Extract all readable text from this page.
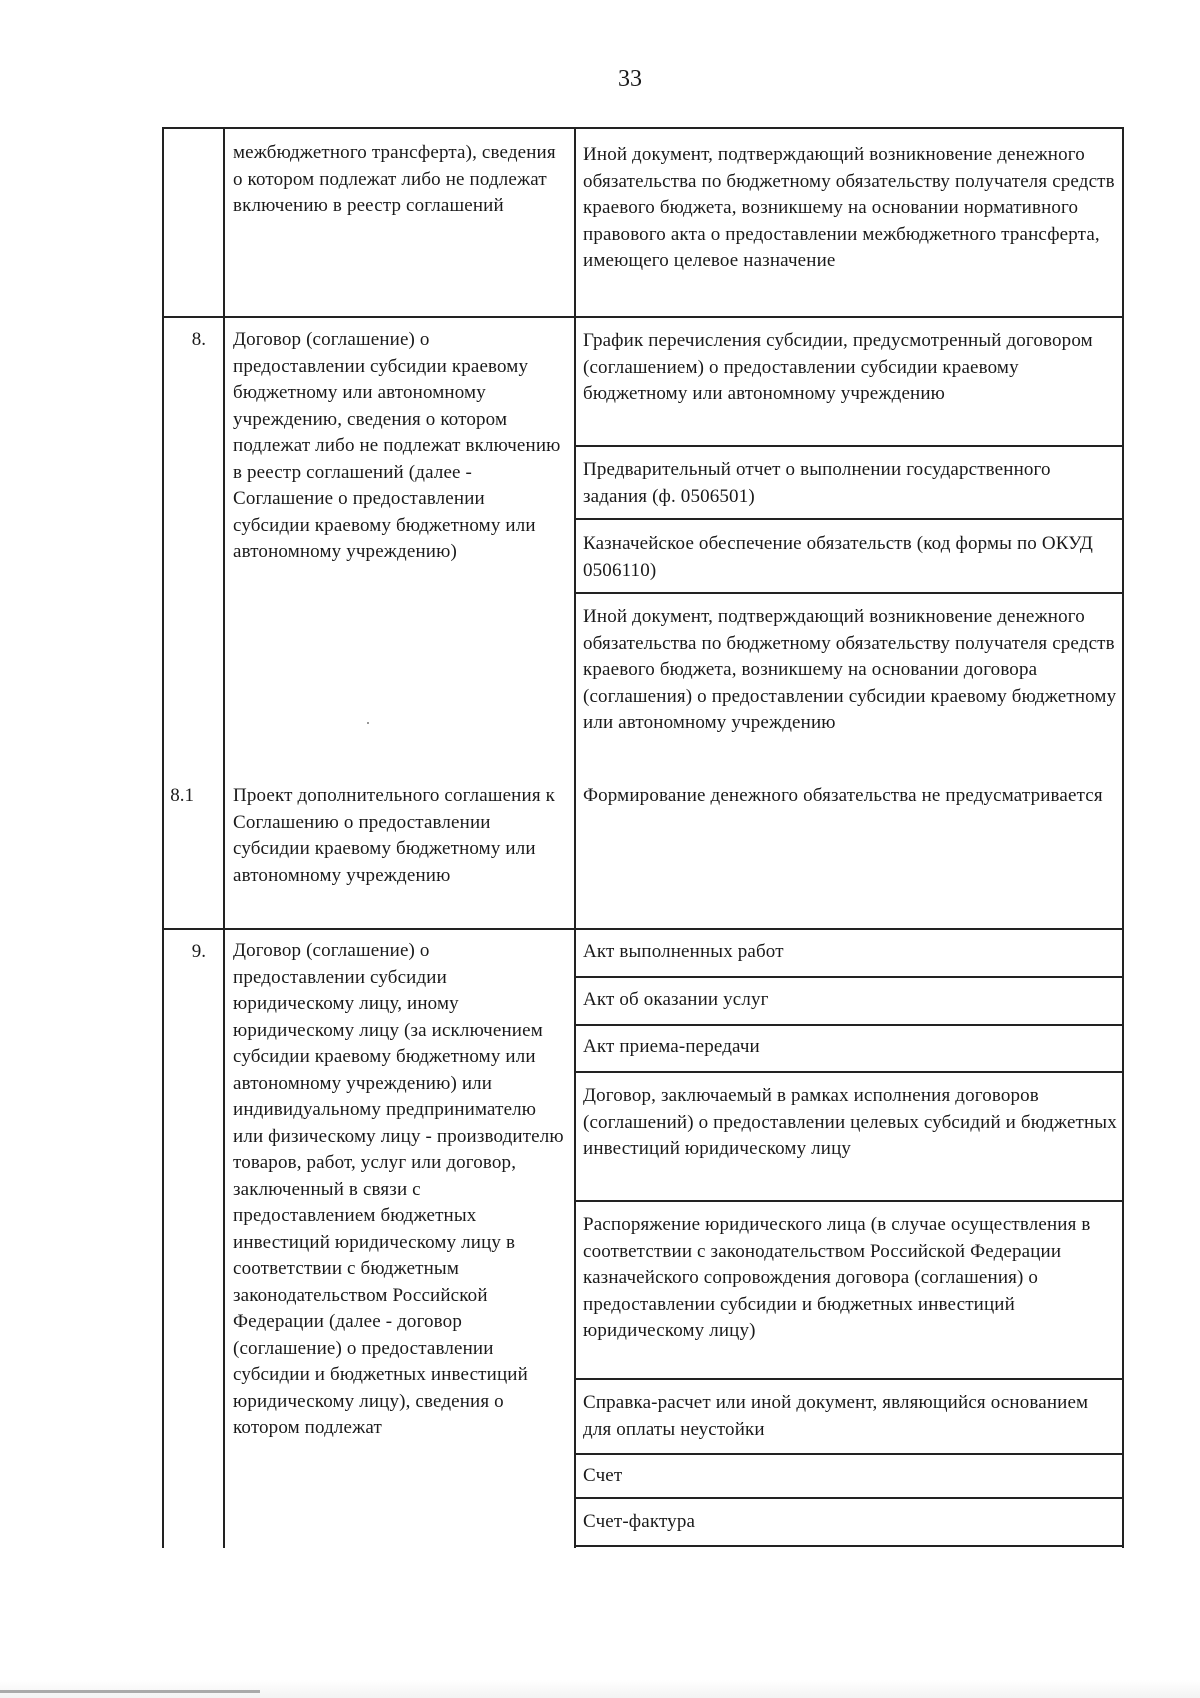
33
межбюджетного трансферта), сведения о котором подлежат либо не подлежат включению в реестр соглашений
Иной документ, подтверждающий возникновение денежного обязательства по бюджетному обязательству получателя средств краевого бюджета, возникшему на основании нормативного правового акта о предоставлении межбюджетного трансферта, имеющего целевое назначение
8. Договор (соглашение) о предоставлении субсидии краевому бюджетному или автономному учреждению, сведения о котором подлежат либо не подлежат включению в реестр соглашений (далее - Соглашение о предоставлении субсидии краевому бюджетному или автономному учреждению)
График перечисления субсидии, предусмотренный договором (соглашением) о предоставлении субсидии краевому бюджетному или автономному учреждению
Предварительный отчет о выполнении государственного задания (ф. 0506501)
Казначейское обеспечение обязательств (код формы по ОКУД 0506110)
Иной документ, подтверждающий возникновение денежного обязательства по бюджетному обязательству получателя средств краевого бюджета, возникшему на основании договора (соглашения) о предоставлении субсидии краевому бюджетному или автономному учреждению
8.1 Проект дополнительного соглашения к Соглашению о предоставлении субсидии краевому бюджетному или автономному учреждению
Формирование денежного обязательства не предусматривается
9. Договор (соглашение) о предоставлении субсидии юридическому лицу, иному юридическому лицу (за исключением субсидии краевому бюджетному или автономному учреждению) или индивидуальному предпринимателю или физическому лицу - производителю товаров, работ, услуг или договор, заключенный в связи с предоставлением бюджетных инвестиций юридическому лицу в соответствии с бюджетным законодательством Российской Федерации (далее - договор (соглашение) о предоставлении субсидии и бюджетных инвестиций юридическому лицу), сведения о котором подлежат
Акт выполненных работ
Акт об оказании услуг
Акт приема-передачи
Договор, заключаемый в рамках исполнения договоров (соглашений) о предоставлении целевых субсидий и бюджетных инвестиций юридическому лицу
Распоряжение юридического лица (в случае осуществления в соответствии с законодательством Российской Федерации казначейского сопровождения договора (соглашения) о предоставлении субсидии и бюджетных инвестиций юридическому лицу)
Справка-расчет или иной документ, являющийся основанием для оплаты неустойки
Счет
Счет-фактура
